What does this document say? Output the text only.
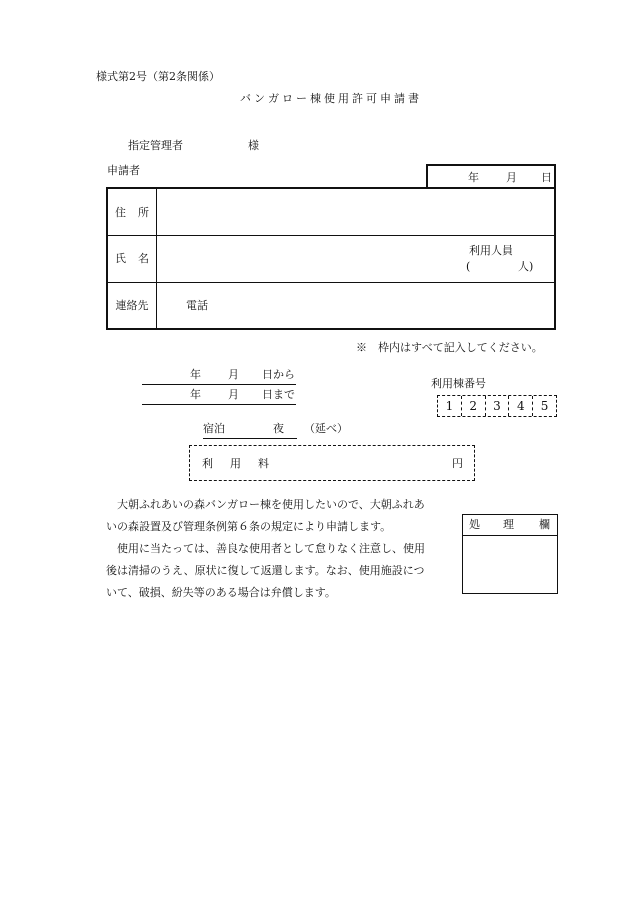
様式第2号（第2条関係）
バンガロー棟使用許可申請書
指定管理者	様
申請者
年 月 日
住 所
氏 名
利用人員
(	人)
連絡先	電話
※　枠内はすべて記入してください。
年 月 日から
年 月 日まで
利用棟番号
1	2	3	4	5
宿泊	夜 （延べ）
利 用 料	円

大朝ふれあいの森バンガロー棟を使用したいので、大朝ふれあ

いの森設置及び管理条例第６条の規定により申請します。

使用に当たっては、善良な使用者として怠りなく注意し、使用

後は清掃のうえ、原状に復して返還します。なお、使用施設につ

いて、破損、紛失等のある場合は弁償します。

処 理 欄
